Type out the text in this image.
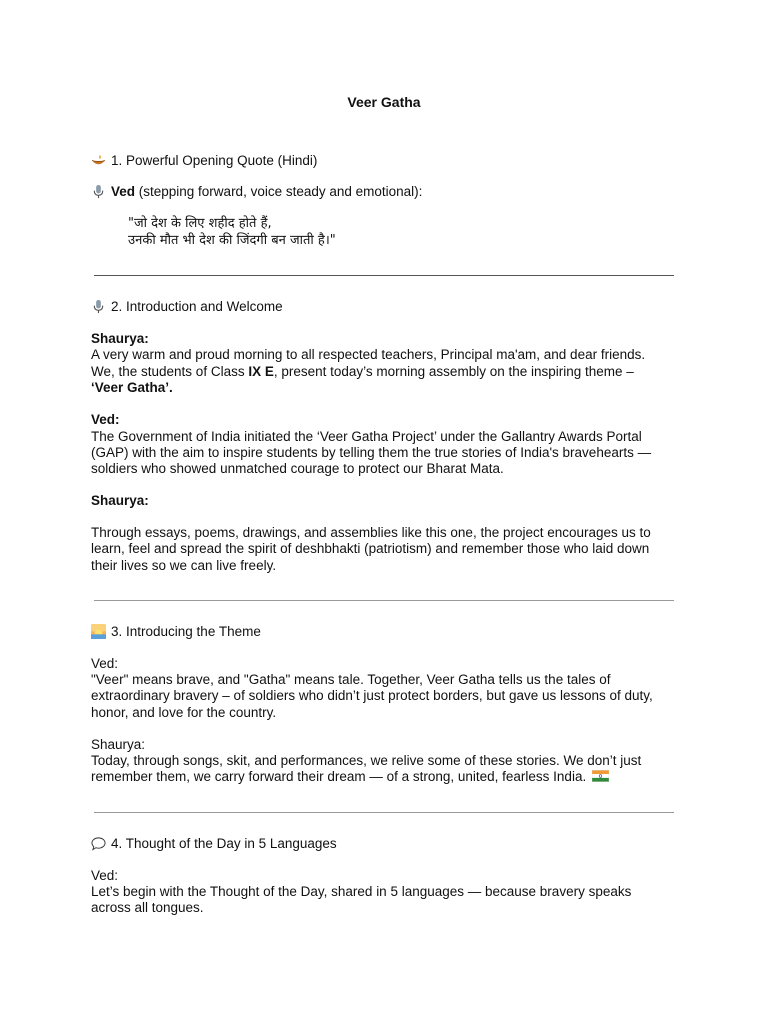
Veer Gatha
1. Powerful Opening Quote (Hindi)
Ved (stepping forward, voice steady and emotional):
"जो देश के लिए शहीद होते हैं,
उनकी मौत भी देश की जिंदगी बन जाती है।"
2. Introduction and Welcome
Shaurya:
A very warm and proud morning to all respected teachers, Principal ma'am, and dear friends.
We, the students of Class IX E, present today’s morning assembly on the inspiring theme –
‘Veer Gatha’.
Ved:
The Government of India initiated the ‘Veer Gatha Project’ under the Gallantry Awards Portal
(GAP) with the aim to inspire students by telling them the true stories of India's bravehearts —
soldiers who showed unmatched courage to protect our Bharat Mata.
Shaurya:
Through essays, poems, drawings, and assemblies like this one, the project encourages us to
learn, feel and spread the spirit of deshbhakti (patriotism) and remember those who laid down
their lives so we can live freely.
3. Introducing the Theme
Ved:
"Veer" means brave, and "Gatha" means tale. Together, Veer Gatha tells us the tales of
extraordinary bravery – of soldiers who didn’t just protect borders, but gave us lessons of duty,
honor, and love for the country.
Shaurya:
Today, through songs, skit, and performances, we relive some of these stories. We don’t just
remember them, we carry forward their dream — of a strong, united, fearless India.
4. Thought of the Day in 5 Languages
Ved:
Let’s begin with the Thought of the Day, shared in 5 languages — because bravery speaks
across all tongues.
